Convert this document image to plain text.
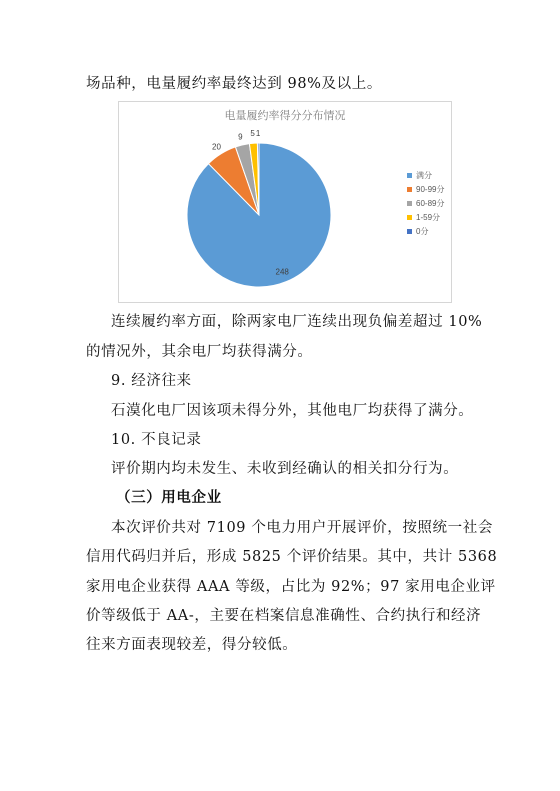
场品种，电量履约率最终达到 98%及以上。
电量履约率得分分布情况
248
20
9 5 1
满分
90-99分
60-89分
1-59分
0分
连续履约率方面，除两家电厂连续出现负偏差超过 10%
的情况外，其余电厂均获得满分。
9. 经济往来
石漠化电厂因该项未得分外，其他电厂均获得了满分。
10. 不良记录
评价期内均未发生、未收到经确认的相关扣分行为。
（三）用电企业
本次评价共对 7109 个电力用户开展评价，按照统一社会
信用代码归并后，形成 5825 个评价结果。其中，共计 5368
家用电企业获得 AAA 等级，占比为 92%；97 家用电企业评
价等级低于 AA-，主要在档案信息准确性、合约执行和经济
往来方面表现较差，得分较低。
